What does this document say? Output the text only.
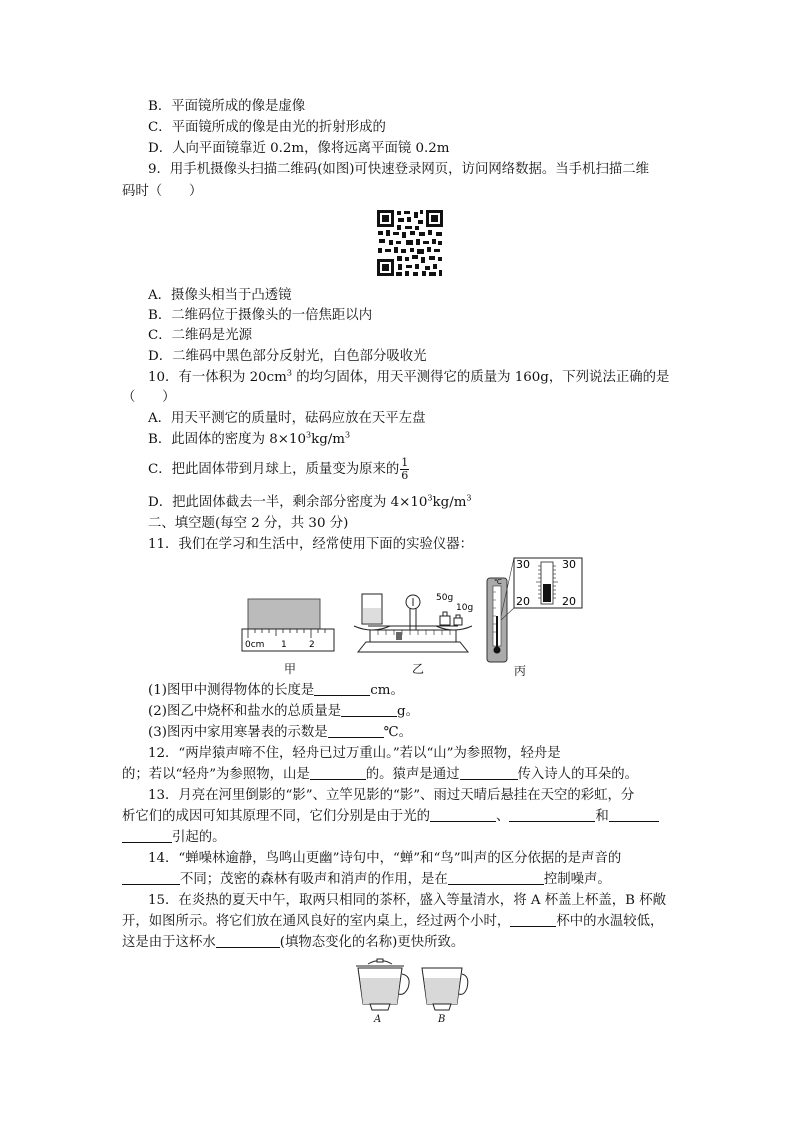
B．平面镜所成的像是虚像
C．平面镜所成的像是由光的折射形成的
D．人向平面镜靠近 0.2m，像将远离平面镜 0.2m
9．用手机摄像头扫描二维码(如图)可快速登录网页，访问网络数据。当手机扫描二维
码时（　　）
A．摄像头相当于凸透镜
B．二维码位于摄像头的一倍焦距以内
C．二维码是光源
D．二维码中黑色部分反射光，白色部分吸收光
10．有一体积为 $20cm^3$ 的均匀固体，用天平测得它的质量为 160g，下列说法正确的是
（　　）
A．用天平测它的质量时，砝码应放在天平左盘
B．此固体的密度为 $8\times 10^3kg/m^3$
C．把此固体带到月球上，质量变为原来的 $\frac{1}{6}$
D．把此固体截去一半，剩余部分密度为 $4\times 10^3kg/m^3$
二、填空题(每空 2 分，共 30 分)
11．我们在学习和生活中，经常使用下面的实验仪器：
0cm 1 2
50g
10g
℃
30	30
20	20
甲	乙	丙
(1)图甲中测得物体的长度是	cm。
(2)图乙中烧杯和盐水的总质量是	g。
(3)图丙中家用寒暑表的示数是	℃。
12．“两岸猿声啼不住，轻舟已过万重山。”若以“山”为参照物，轻舟是
的；若以“轻舟”为参照物，山是	的。猿声是通过	传入诗人的耳朵的。
13．月亮在河里倒影的“影”、立竿见影的“影”、雨过天晴后悬挂在天空的彩虹，分
析它们的成因可知其原理不同，它们分别是由于光的	、	和
引起的。
14．“蝉噪林逾静，鸟鸣山更幽”诗句中，“蝉”和“鸟”叫声的区分依据的是声音的
不同；茂密的森林有吸声和消声的作用，是在	控制噪声。
15．在炎热的夏天中午，取两只相同的茶杯，盛入等量清水，将 A 杯盖上杯盖，B 杯敞
开，如图所示。将它们放在通风良好的室内桌上，经过两个小时，	杯中的水温较低，
这是由于这杯水	(填物态变化的名称)更快所致。
A	B
